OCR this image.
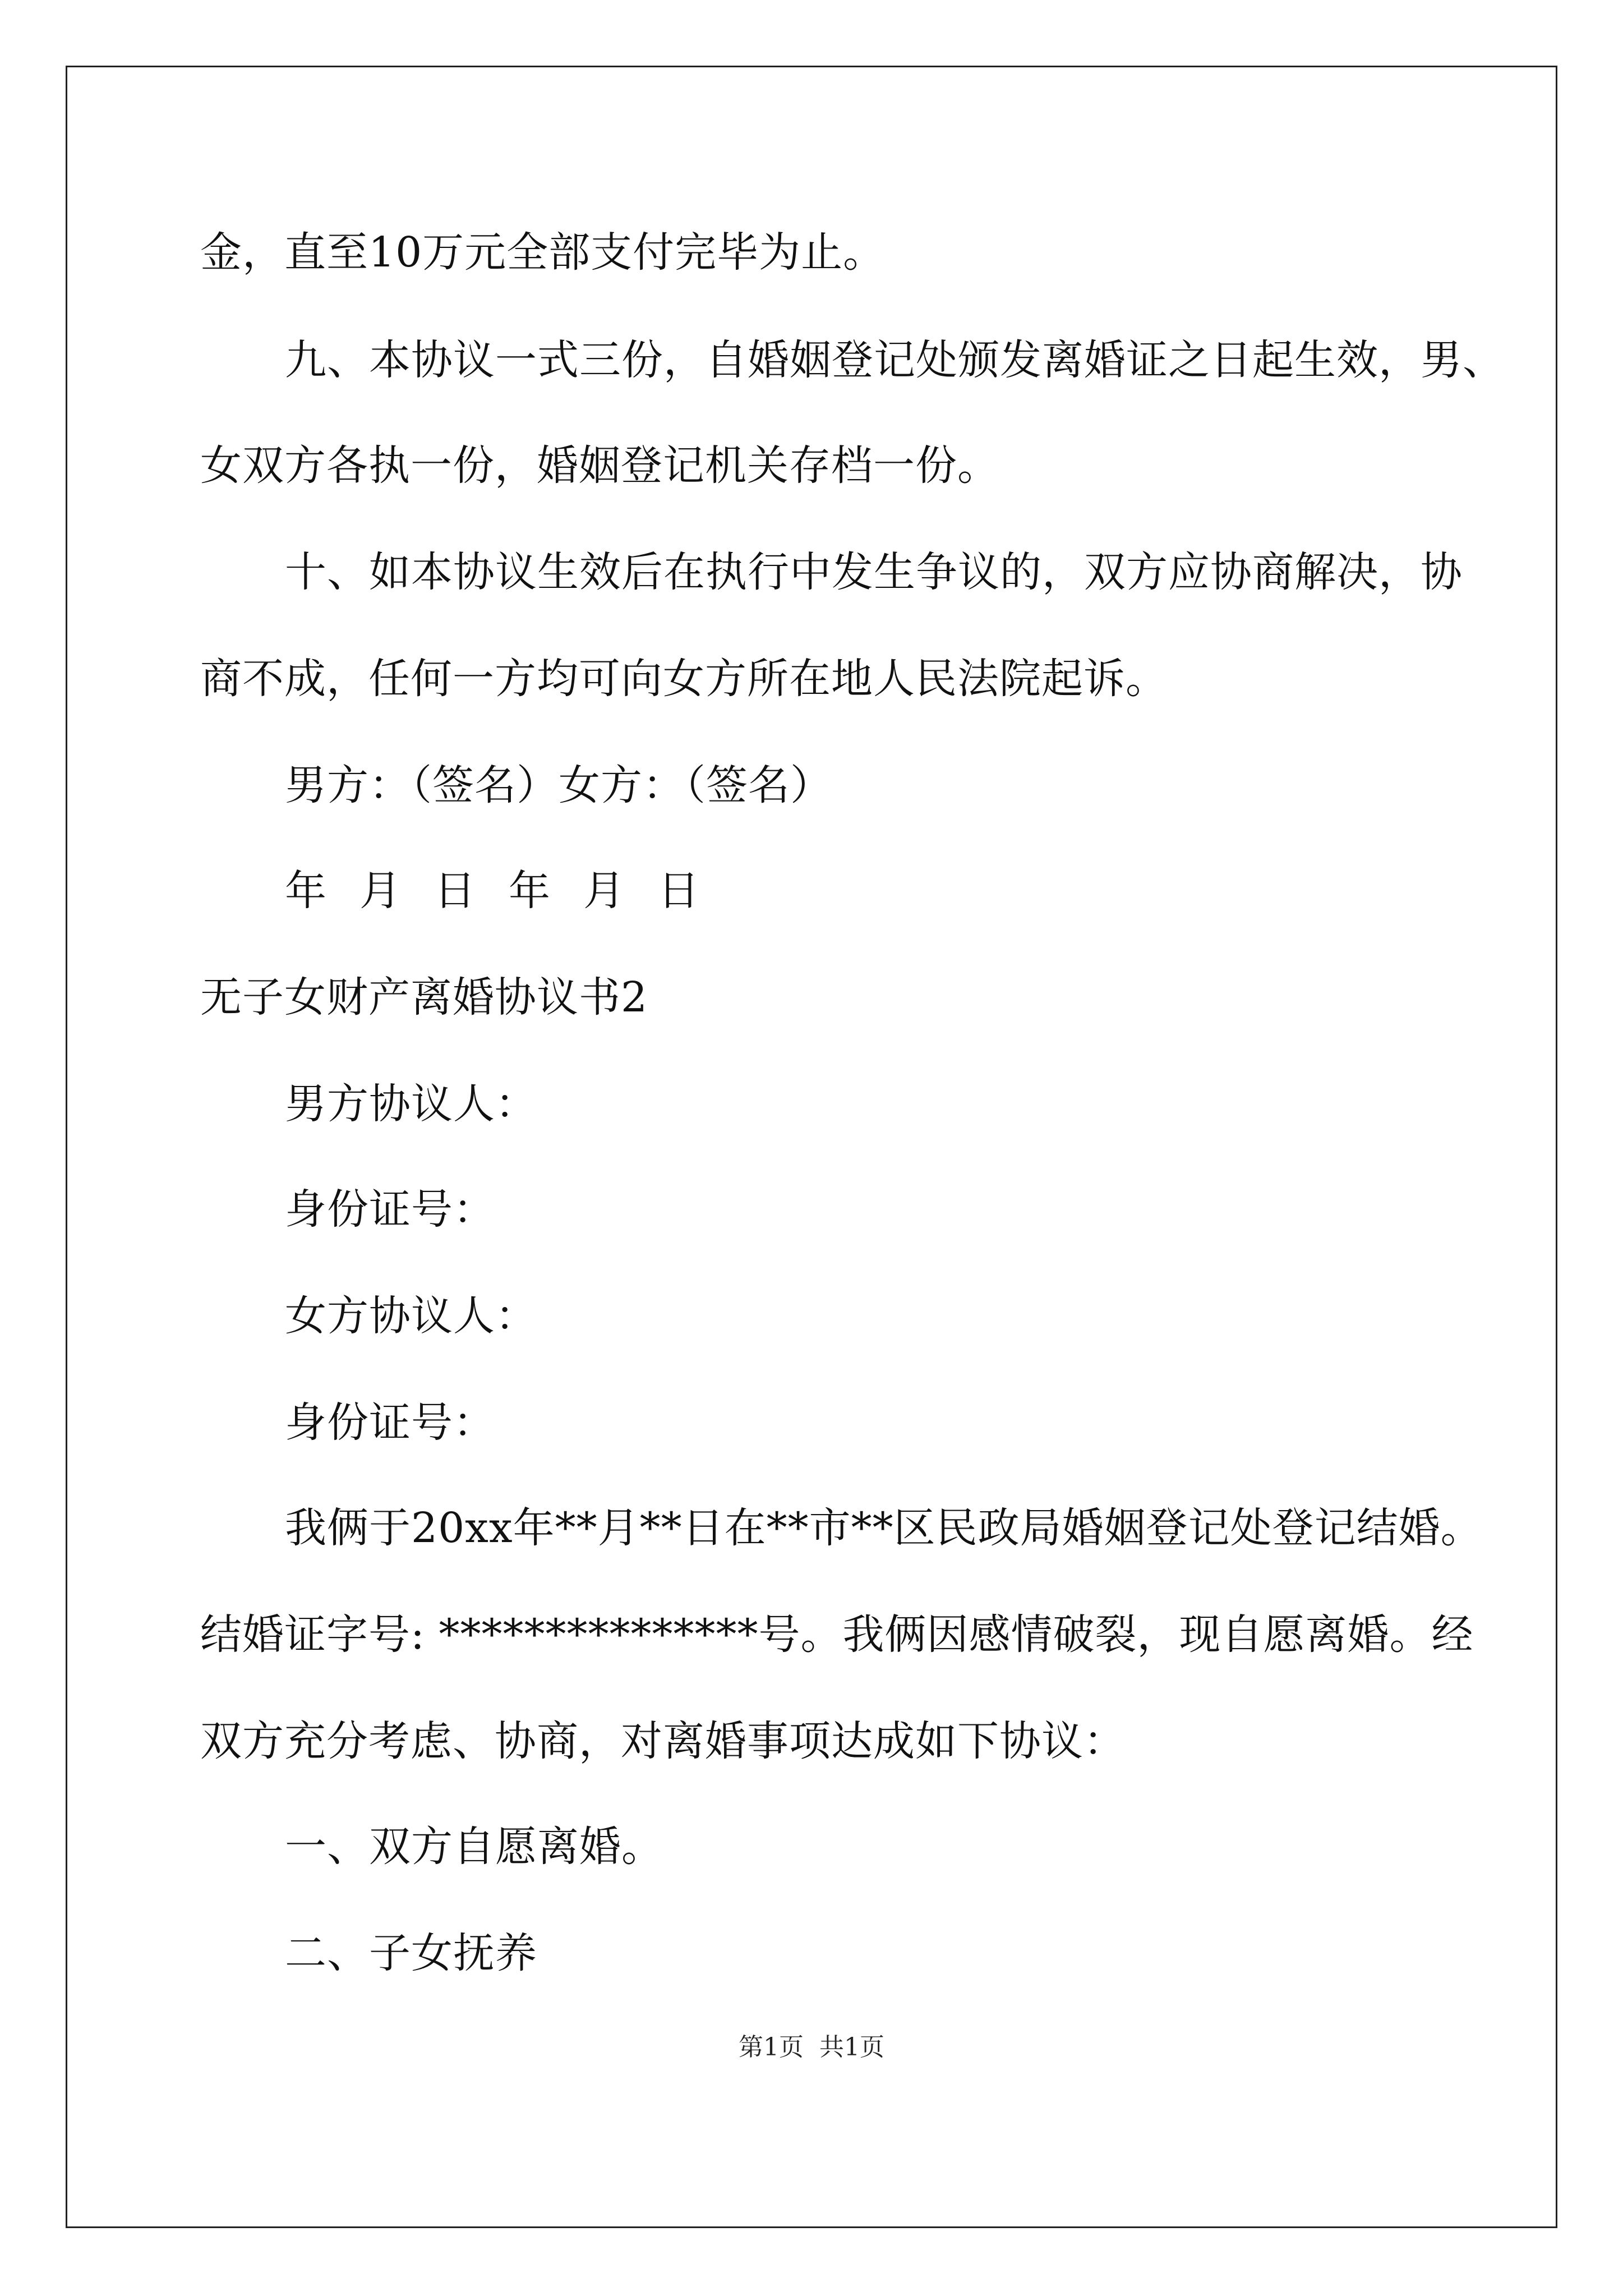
金，直至10万元全部支付完毕为止。
九、本协议一式三份，自婚姻登记处颁发离婚证之日起生效，男、
女双方各执一份，婚姻登记机关存档一份。
十、如本协议生效后在执行中发生争议的，双方应协商解决，协
商不成，任何一方均可向女方所在地人民法院起诉。
男方：（签名）女方：（签名）
年 月 日 年 月 日
无子女财产离婚协议书2
男方协议人：
身份证号：
女方协议人：
身份证号：
我俩于20xx年**月**日在**市**区民政局婚姻登记处登记结婚。
结婚证字号: ***************号。我俩因感情破裂，现自愿离婚。经
双方充分考虑、协商，对离婚事项达成如下协议：
一、双方自愿离婚。
二、子女抚养
第1页 共1页
